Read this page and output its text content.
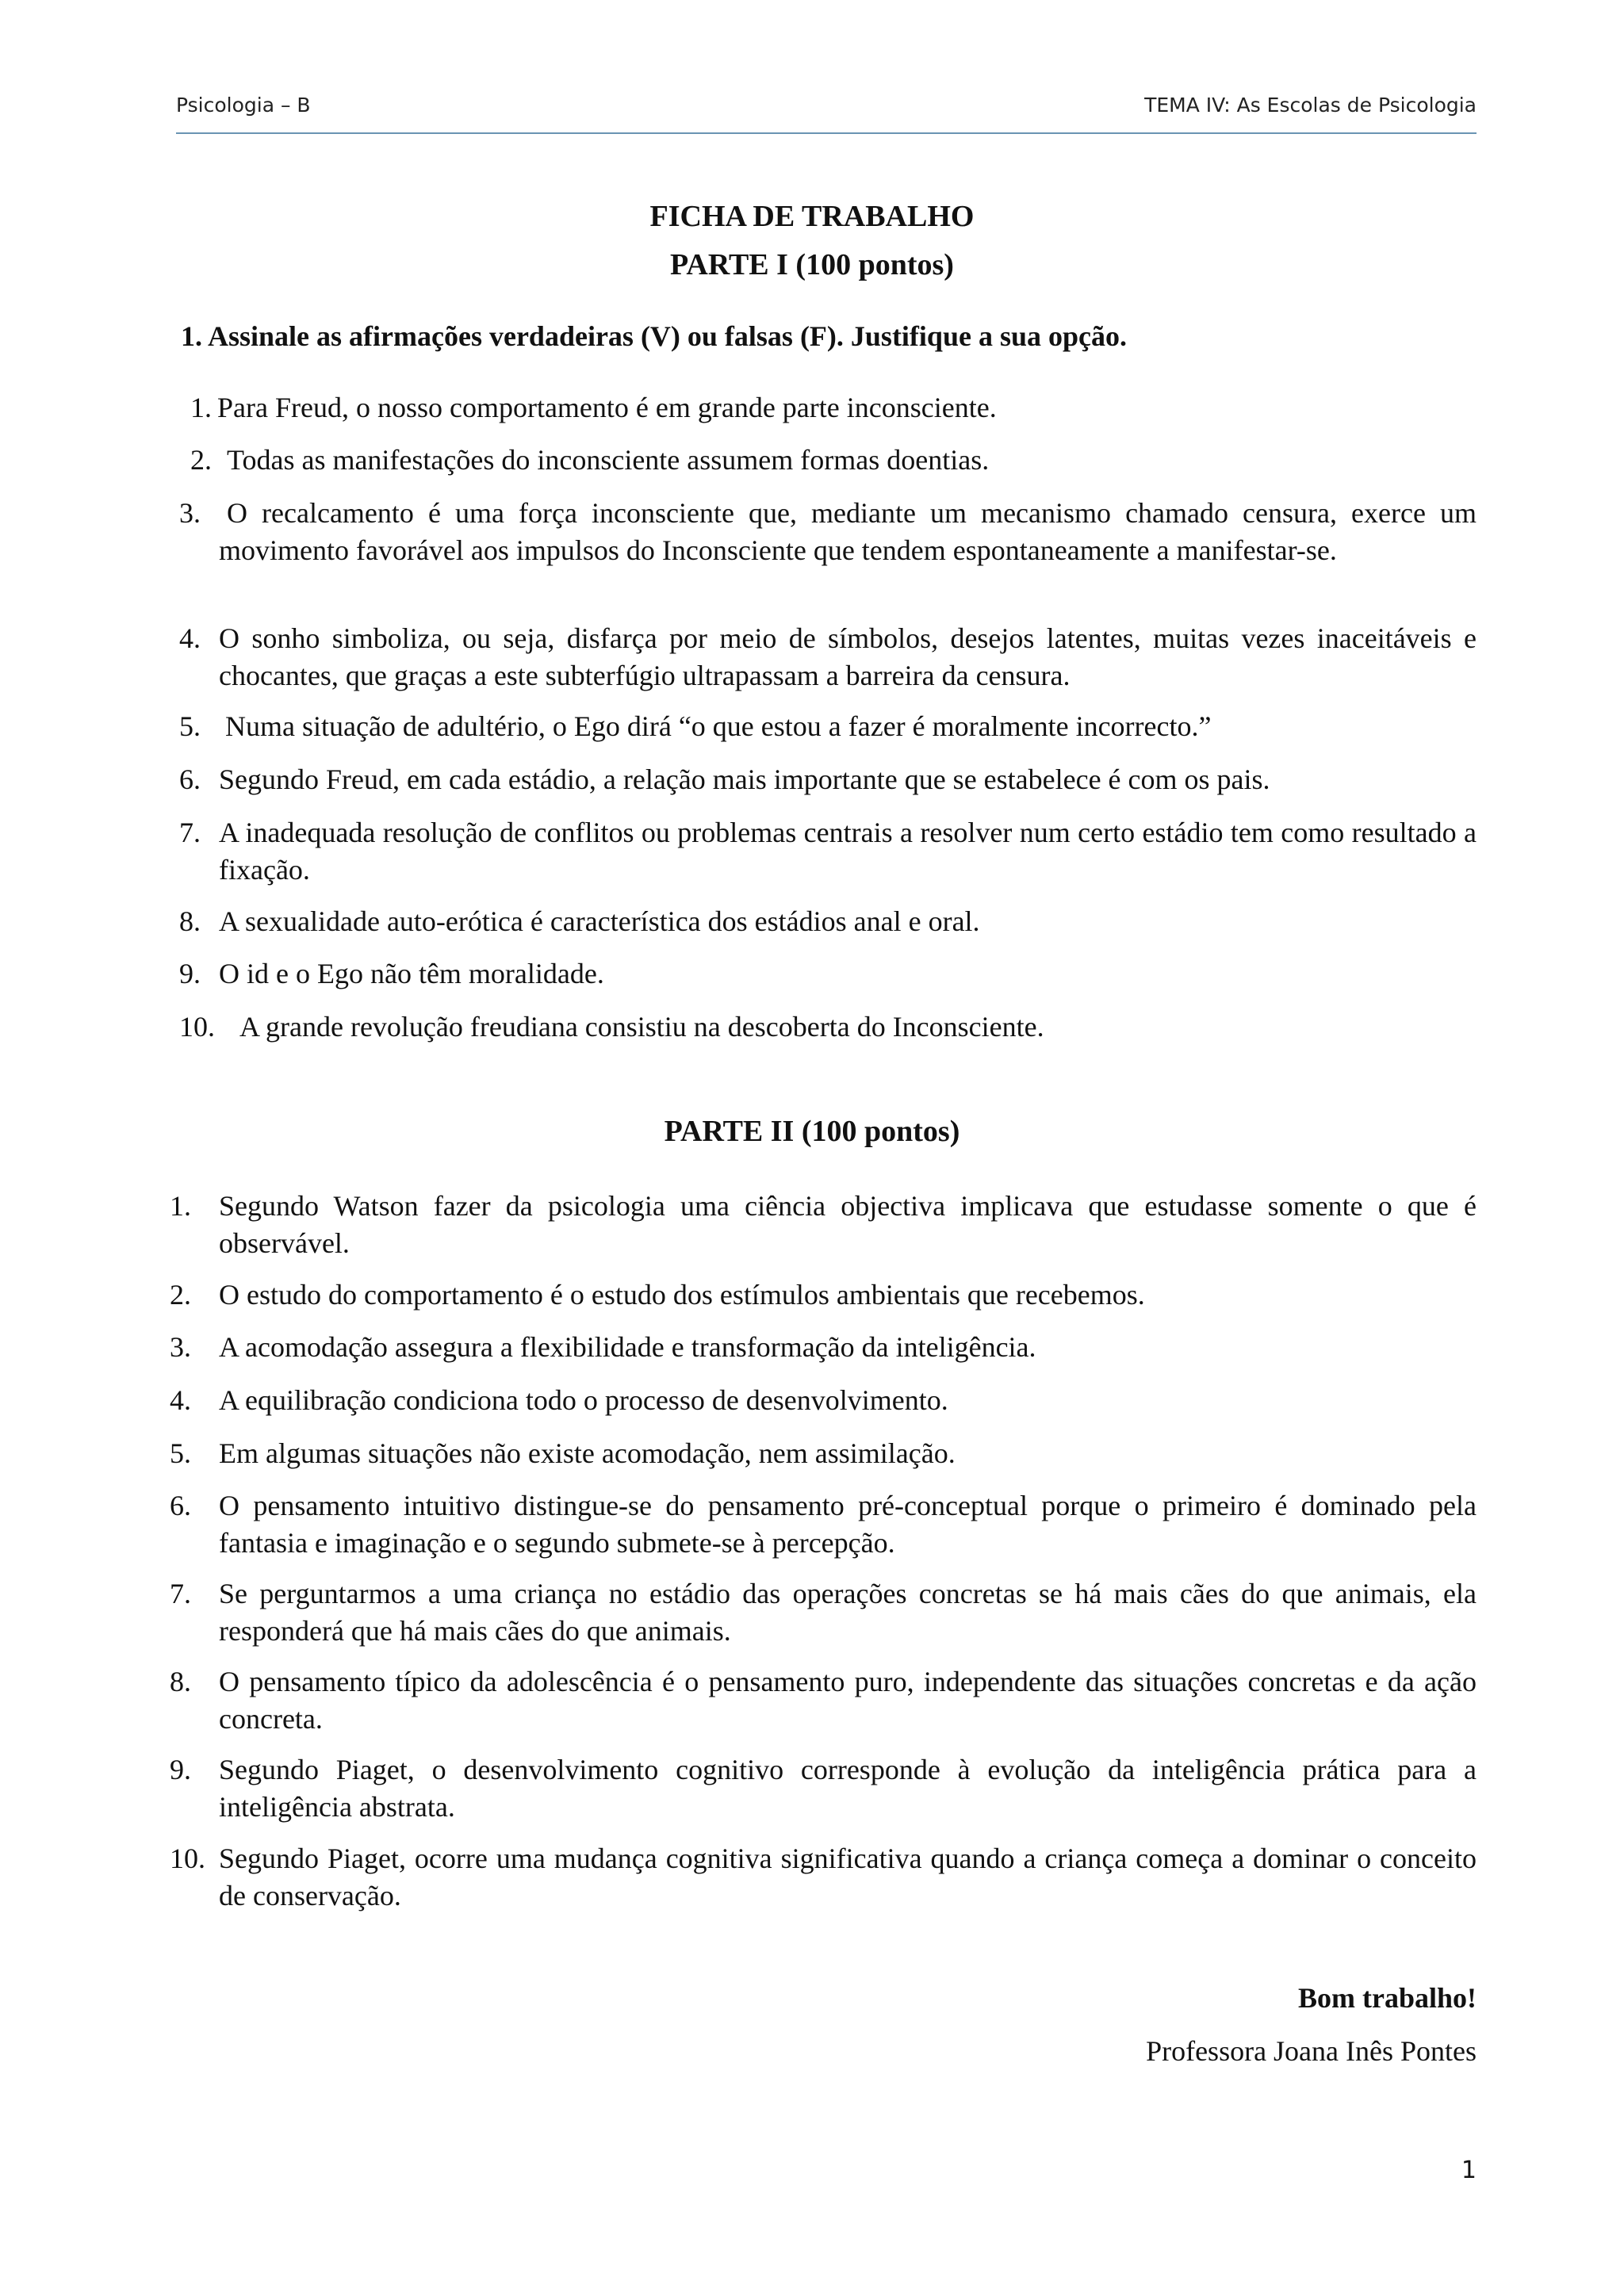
Psicologia – B	TEMA IV: As Escolas de Psicologia
FICHA DE TRABALHO
PARTE I (100 pontos)

1. Assinale as afirmações verdadeiras (V) ou falsas (F). Justifique a sua opção.

1. Para Freud, o nosso comportamento é em grande parte inconsciente.
2. Todas as manifestações do inconsciente assumem formas doentias.
3. O recalcamento é uma força inconsciente que, mediante um mecanismo chamado censura, exerce um movimento favorável aos impulsos do Inconsciente que tendem espontaneamente a manifestar-se.
4. O sonho simboliza, ou seja, disfarça por meio de símbolos, desejos latentes, muitas vezes inaceitáveis e chocantes, que graças a este subterfúgio ultrapassam a barreira da censura.
5. Numa situação de adultério, o Ego dirá “o que estou a fazer é moralmente incorrecto.”
6. Segundo Freud, em cada estádio, a relação mais importante que se estabelece é com os pais.
7. A inadequada resolução de conflitos ou problemas centrais a resolver num certo estádio tem como resultado a fixação.
8. A sexualidade auto-erótica é característica dos estádios anal e oral.
9. O id e o Ego não têm moralidade.
10. A grande revolução freudiana consistiu na descoberta do Inconsciente.
PARTE II (100 pontos)
1. Segundo Watson fazer da psicologia uma ciência objectiva implicava que estudasse somente o que é observável.
2. O estudo do comportamento é o estudo dos estímulos ambientais que recebemos.
3. A acomodação assegura a flexibilidade e transformação da inteligência.
4. A equilibração condiciona todo o processo de desenvolvimento.
5. Em algumas situações não existe acomodação, nem assimilação.
6. O pensamento intuitivo distingue-se do pensamento pré-conceptual porque o primeiro é dominado pela fantasia e imaginação e o segundo submete-se à percepção.
7. Se perguntarmos a uma criança no estádio das operações concretas se há mais cães do que animais, ela responderá que há mais cães do que animais.
8. O pensamento típico da adolescência é o pensamento puro, independente das situações concretas e da ação concreta.
9. Segundo Piaget, o desenvolvimento cognitivo corresponde à evolução da inteligência prática para a inteligência abstrata.
10. Segundo Piaget, ocorre uma mudança cognitiva significativa quando a criança começa a dominar o conceito de conservação.

Bom trabalho!

Professora Joana Inês Pontes

1
